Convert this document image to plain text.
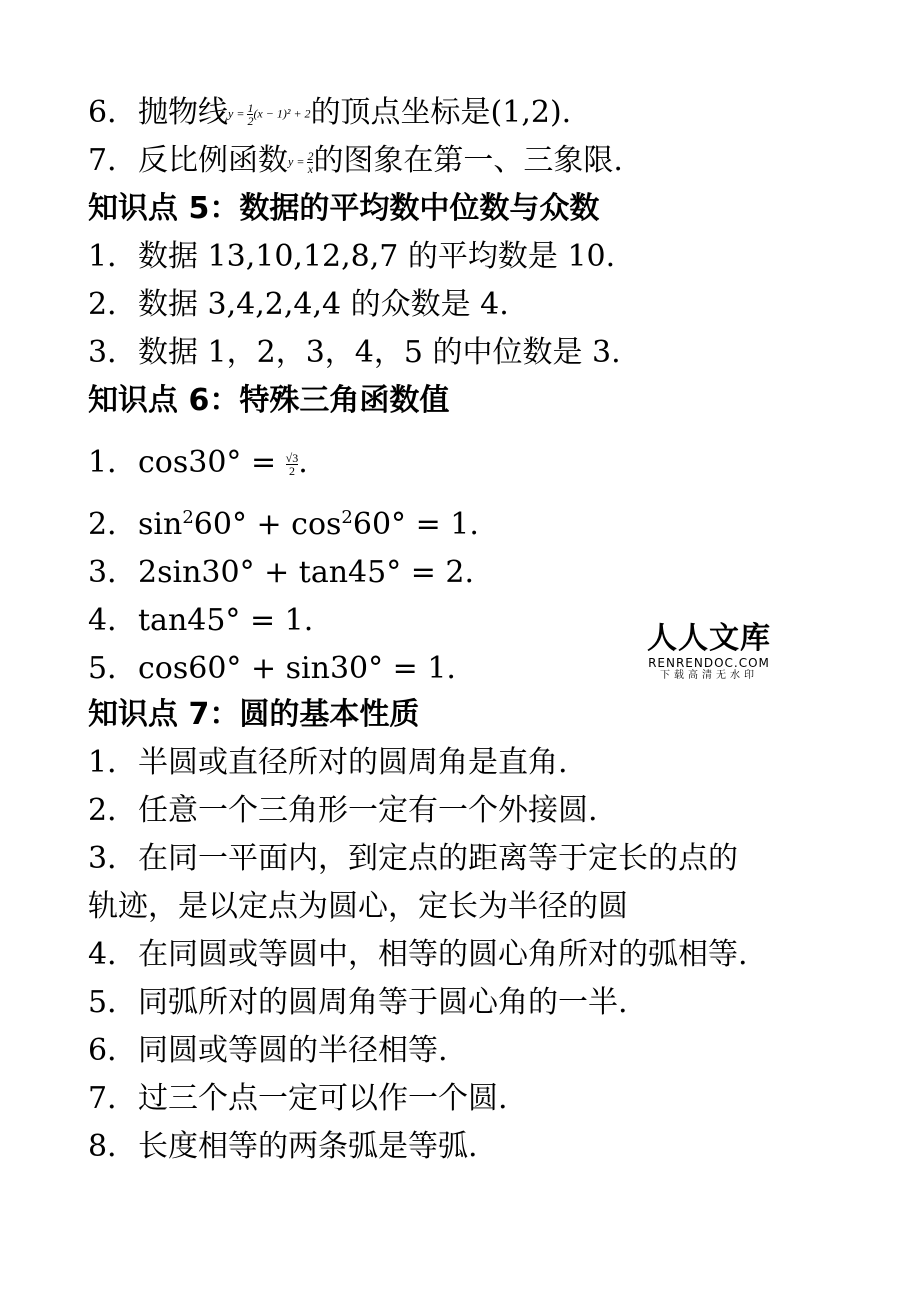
6．抛物线$y = \frac{1}{2} (x - 1)^2 + 2$的顶点坐标是(1,2).
7．反比例函数$y = \frac{2}{x}$ 的图象在第一、三象限.
知识点 5：数据的平均数中位数与众数
1．数据 13,10,12,8,7 的平均数是 10.
2．数据 3,4,2,4,4 的众数是 4.
3．数据 1，2，3，4，5 的中位数是 3.
知识点 6：特殊三角函数值
1．$\cos 30^\circ = \frac{√3}{2}$ .
2．$\sin^260^\circ + \cos^260^\circ = 1$.
3．2sin30° + tan45° = 2.
4．tan45° = 1.
5．cos60° + sin30° = 1.
人人文库
RENRENDOC.COM
下载高清无水印
知识点 7：圆的基本性质
1．半圆或直径所对的圆周角是直角.
2．任意一个三角形一定有一个外接圆.
3．在同一平面内，到定点的距离等于定长的点的
轨迹，是以定点为圆心，定长为半径的圆
4．在同圆或等圆中，相等的圆心角所对的弧相等.
5．同弧所对的圆周角等于圆心角的一半.
6．同圆或等圆的半径相等.
7．过三个点一定可以作一个圆.
8．长度相等的两条弧是等弧.
